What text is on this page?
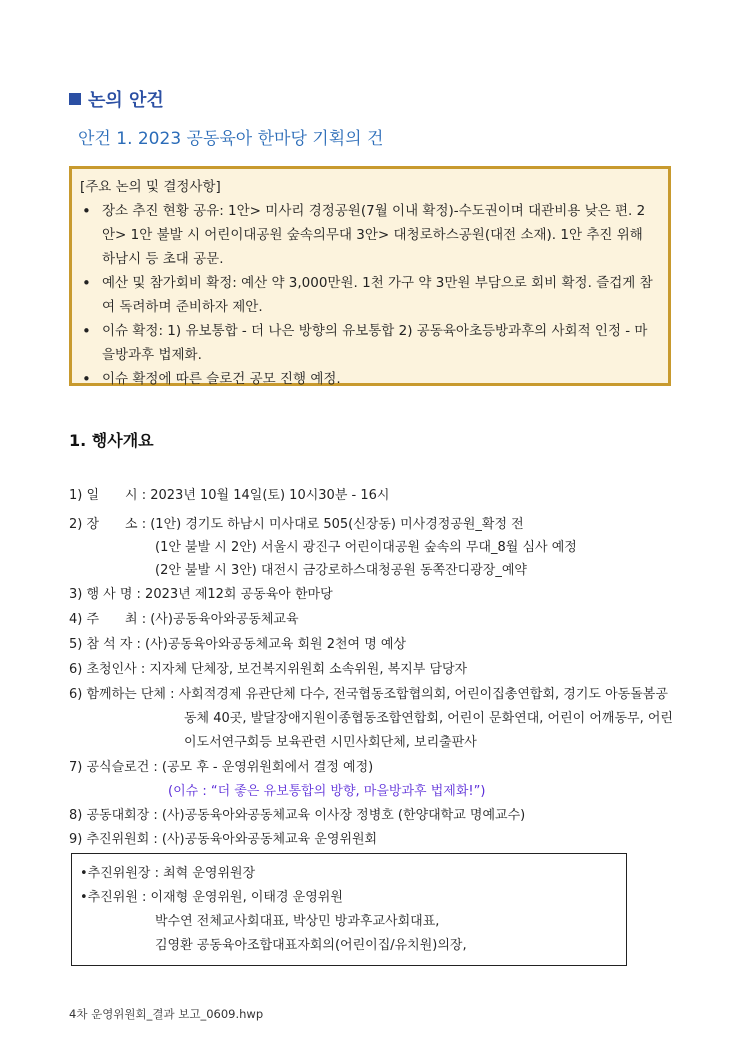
논의 안건
안건 1. 2023 공동육아 한마당 기획의 건
[주요 논의 및 결정사항]
• 장소 추진 현황 공유: 1안> 미사리 경정공원(7월 이내 확정)-수도권이며 대관비용 낮은 편. 2안> 1안 불발 시 어린이대공원 숲속의무대 3안> 대청로하스공원(대전 소재). 1안 추진 위해 하남시 등 초대 공문.
• 예산 및 참가회비 확정: 예산 약 3,000만원. 1천 가구 약 3만원 부담으로 회비 확정. 즐겁게 참여 독려하며 준비하자 제안.
• 이슈 확정: 1) 유보통합 - 더 나은 방향의 유보통합 2) 공동육아초등방과후의 사회적 인정 - 마을방과후 법제화.
• 이슈 확정에 따른 슬로건 공모 진행 예정.
1. 행사개요
1) 일　　시 : 2023년 10월 14일(토) 10시30분 - 16시
2) 장　　소 : (1안) 경기도 하남시 미사대로 505(신장동) 미사경정공원_확정 전
(1안 불발 시 2안) 서울시 광진구 어린이대공원 숲속의 무대_8월 심사 예정
(2안 불발 시 3안) 대전시 금강로하스대청공원 동쪽잔디광장_예약
3) 행 사 명 : 2023년 제12회 공동육아 한마당
4) 주　　최 : (사)공동육아와공동체교육
5) 참 석 자 : (사)공동육아와공동체교육 회원 2천여 명 예상
6) 초청인사 : 지자체 단체장, 보건복지위원회 소속위원, 복지부 담당자
6) 함께하는 단체 : 사회적경제 유관단체 다수, 전국협동조합협의회, 어린이집총연합회, 경기도 아동돌봄공
동체 40곳, 발달장애지원이종협동조합연합회, 어린이 문화연대, 어린이 어깨동무, 어린
이도서연구회등 보육관련 시민사회단체, 보리출판사
7) 공식슬로건 : (공모 후 - 운영위원회에서 결정 예정)
(이슈 : “더 좋은 유보통합의 방향, 마을방과후 법제화!”)
8) 공동대회장 : (사)공동육아와공동체교육 이사장 정병호 (한양대학교 명예교수)
9) 추진위원회 : (사)공동육아와공동체교육 운영위원회
•추진위원장 : 최혁 운영위원장
•추진위원 : 이재형 운영위원, 이태경 운영위원
박수연 전체교사회대표, 박상민 방과후교사회대표,
김영환 공동육아조합대표자회의(어린이집/유치원)의장,
4차 운영위원회_결과 보고_0609.hwp
